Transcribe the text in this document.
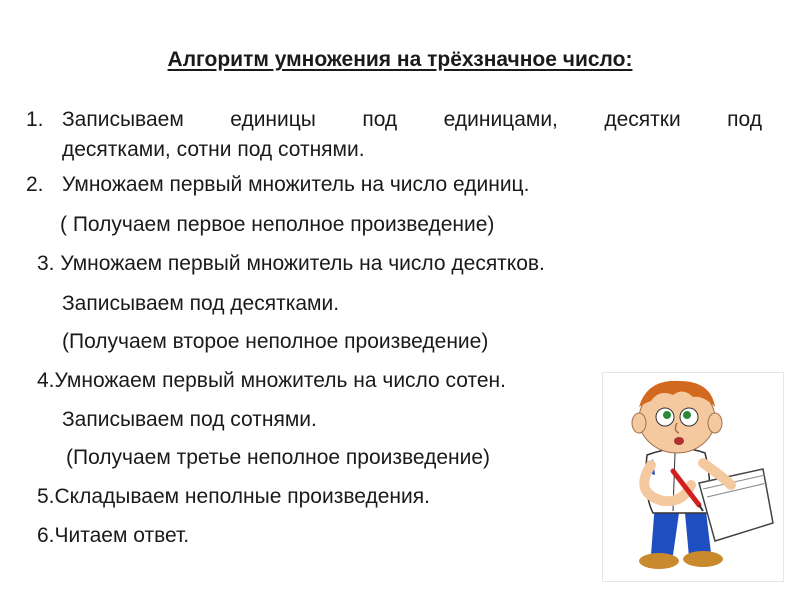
Алгоритм умножения на трёхзначное число:
1. Записываем единицы под единицами, десятки под
десятками, сотни под сотнями.
2. Умножаем первый множитель на число единиц.
( Получаем первое неполное произведение)
3. Умножаем первый множитель на число десятков.
Записываем под десятками.
(Получаем второе неполное произведение)
4.Умножаем первый множитель на число сотен.
Записываем под сотнями.
(Получаем третье неполное произведение)
5.Складываем неполные произведения.
6.Читаем ответ.
